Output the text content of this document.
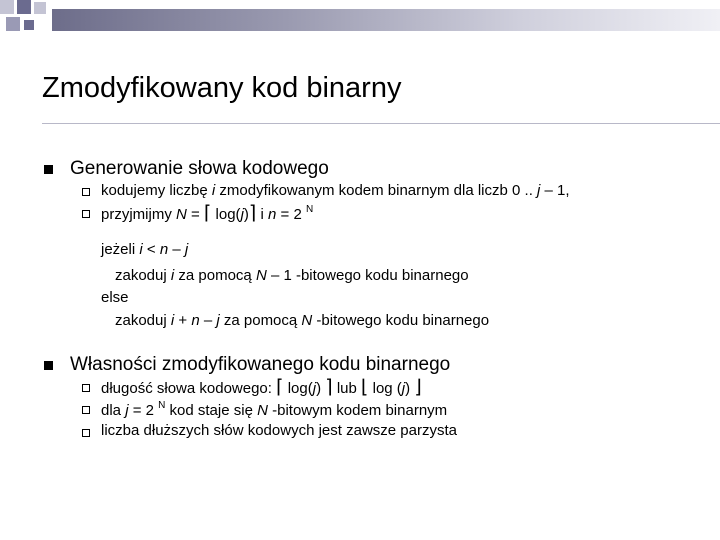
Zmodyfikowany kod binarny
Generowanie słowa kodowego
kodujemy liczbę i zmodyfikowanym kodem binarnym dla liczb 0 .. j – 1,
przyjmijmy N = ⌈ log(j)⌉ i n = 2 $^N$
jeżeli i < n – j
zakoduj i za pomocą N – 1 -bitowego kodu binarnego
else
zakoduj i + n – j za pomocą N -bitowego kodu binarnego
Własności zmodyfikowanego kodu binarnego
długość słowa kodowego: ⌈ log(j) ⌉ lub ⌊ log (j) ⌋
dla j = 2 $^N$ kod staje się N -bitowym kodem binarnym
liczba dłuższych słów kodowych jest zawsze parzysta
